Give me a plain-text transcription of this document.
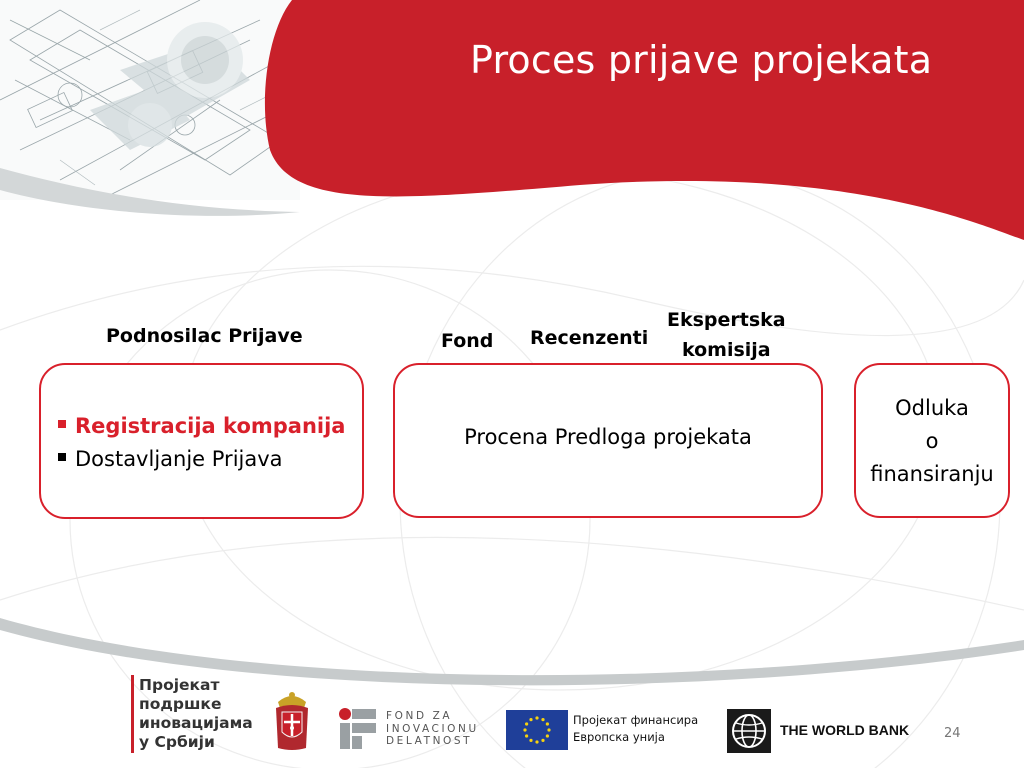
Proces prijave projekata
Podnosilac Prijave	Fond Recenzenti
Ekspertska
komisija
Registracija kompanija
Dostavljanje Prijava
Procena Predloga projekata
Odluka
o
finansiranju
Пројекат
подршке
иновацијама
у Србији
FOND ZA
INOVACIONU
DELATNOST
Пројекат финансира
Европска унија	THE WORLD BANK	24
